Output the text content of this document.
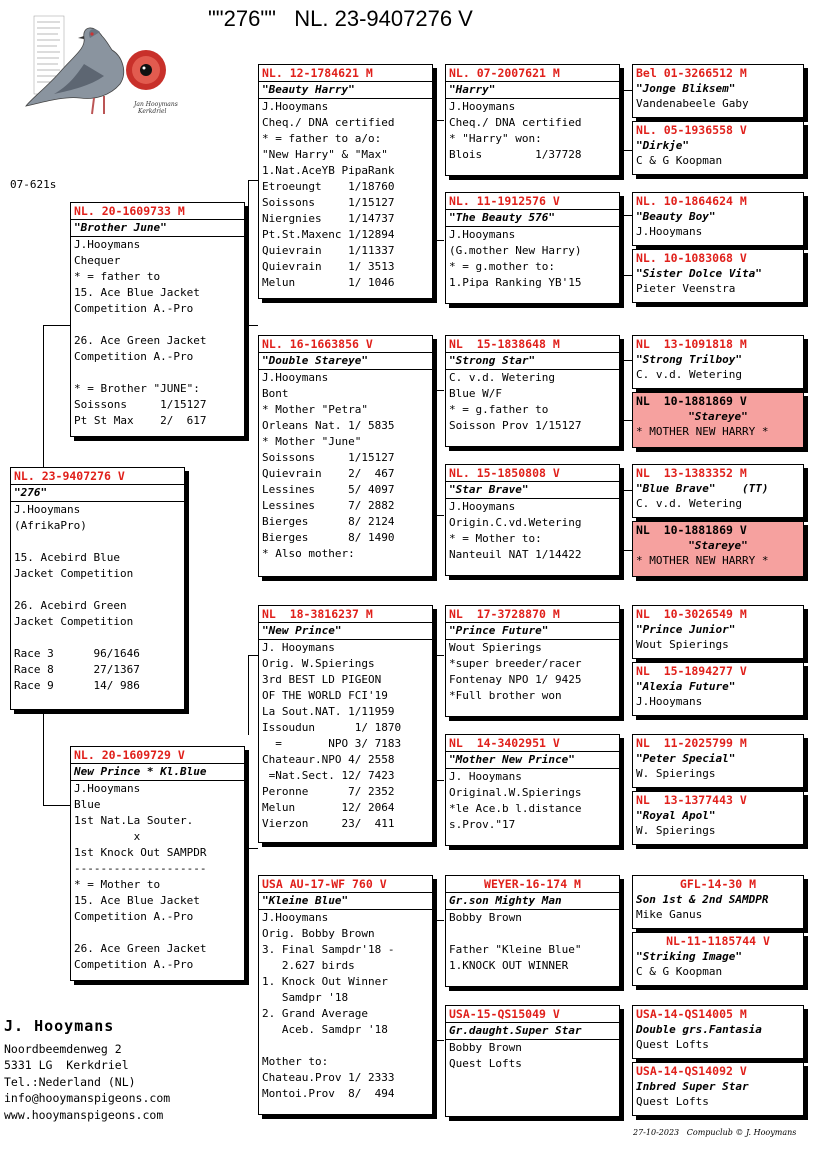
""276""   NL. 23-9407276 V
Jan Hooymans
Kerkdriel
07-621s
NL. 23-9407276 V
"276"
J.Hooymans
(AfrikaPro)
15. Acebird Blue
Jacket Competition
26. Acebird Green
Jacket Competition
Race 3      96/1646
Race 8      27/1367
Race 9      14/ 986
NL. 20-1609733 M
"Brother June"
J.Hooymans
Chequer
* = father to
15. Ace Blue Jacket
Competition A.-Pro
26. Ace Green Jacket
Competition A.-Pro
* = Brother "JUNE":
Soissons     1/15127
Pt St Max    2/  617
NL. 20-1609729 V
New Prince * Kl.Blue
J.Hooymans
Blue
1st Nat.La Souter.
x
1st Knock Out SAMPDR
--------------------
* = Mother to
15. Ace Blue Jacket
Competition A.-Pro
26. Ace Green Jacket
Competition A.-Pro
NL. 12-1784621 M
"Beauty Harry"
J.Hooymans
Cheq./ DNA certified
* = father to a/o:
"New Harry" & "Max"
1.Nat.AceYB PipaRank
Etroeungt    1/18760
Soissons     1/15127
Niergnies    1/14737
Pt.St.Maxenc 1/12894
Quievrain    1/11337
Quievrain    1/ 3513
Melun        1/ 1046
NL. 16-1663856 V
"Double Stareye"
J.Hooymans
Bont
* Mother "Petra"
Orleans Nat. 1/ 5835
* Mother "June"
Soissons     1/15127
Quievrain    2/  467
Lessines     5/ 4097
Lessines     7/ 2882
Bierges      8/ 2124
Bierges      8/ 1490
* Also mother:
NL  18-3816237 M
"New Prince"
J. Hooymans
Orig. W.Spierings
3rd BEST LD PIGEON
OF THE WORLD FCI'19
La Sout.NAT. 1/11959
Issoudun      1/ 1870
=       NPO 3/ 7183
Chateaur.NPO 4/ 2558
=Nat.Sect. 12/ 7423
Peronne      7/ 2352
Melun       12/ 2064
Vierzon     23/  411
USA AU-17-WF 760 V
"Kleine Blue"
J.Hooymans
Orig. Bobby Brown
3. Final Sampdr'18 -
2.627 birds
1. Knock Out Winner
Samdpr '18
2. Grand Average
Aceb. Samdpr '18
Mother to:
Chateau.Prov 1/ 2333
Montoi.Prov  8/  494
NL. 07-2007621 M
"Harry"
J.Hooymans
Cheq./ DNA certified
* "Harry" won:
Blois        1/37728
NL. 11-1912576 V
"The Beauty 576"
J.Hooymans
(G.mother New Harry)
* = g.mother to:
1.Pipa Ranking YB'15
NL  15-1838648 M
"Strong Star"
C. v.d. Wetering
Blue W/F
* = g.father to
Soisson Prov 1/15127
NL. 15-1850808 V
"Star Brave"
J.Hooymans
Origin.C.vd.Wetering
* = Mother to:
Nanteuil NAT 1/14422
NL  17-3728870 M
"Prince Future"
Wout Spierings
*super breeder/racer
Fontenay NPO 1/ 9425
*Full brother won
NL  14-3402951 V
"Mother New Prince"
J. Hooymans
Original.W.Spierings
*le Ace.b l.distance
s.Prov."17
WEYER-16-174 M
Gr.son Mighty Man
Bobby Brown
Father "Kleine Blue"
1.KNOCK OUT WINNER
USA-15-QS15049 V
Gr.daught.Super Star
Bobby Brown
Quest Lofts
Bel 01-3266512 M
"Jonge Bliksem"
Vandenabeele Gaby
NL. 05-1936558 V
"Dirkje"
C & G Koopman
NL. 10-1864624 M
"Beauty Boy"
J.Hooymans
NL. 10-1083068 V
"Sister Dolce Vita"
Pieter Veenstra
NL  13-1091818 M
"Strong Trilboy"
C. v.d. Wetering
NL  10-1881869 V
"Stareye"
* MOTHER NEW HARRY *
NL  13-1383352 M
"Blue Brave"    (TT)
C. v.d. Wetering
NL  10-1881869 V
"Stareye"
* MOTHER NEW HARRY *
NL  10-3026549 M
"Prince Junior"
Wout Spierings
NL  15-1894277 V
"Alexia Future"
J.Hooymans
NL  11-2025799 M
"Peter Special"
W. Spierings
NL  13-1377443 V
"Royal Apol"
W. Spierings
GFL-14-30 M
Son 1st & 2nd SAMDPR
Mike Ganus
NL-11-1185744 V
"Striking Image"
C & G Koopman
USA-14-QS14005 M
Double grs.Fantasia
Quest Lofts
USA-14-QS14092 V
Inbred Super Star
Quest Lofts
J. Hooymans
Noordbeemdenweg 2
5331 LG  Kerkdriel
Tel.:Nederland (NL)
info@hooymanspigeons.com
www.hooymanspigeons.com
27-10-2023   Compuclub © J. Hooymans
